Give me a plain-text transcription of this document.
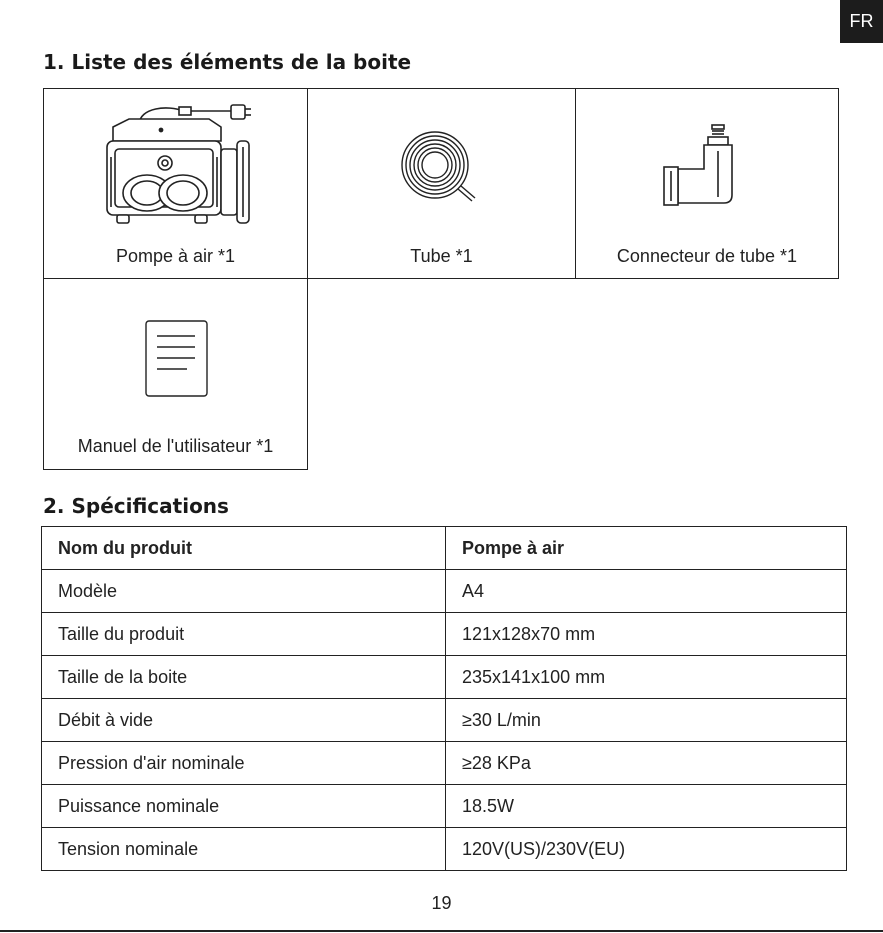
FR
1. Liste des éléments de la boite
Pompe à air *1	Tube *1	Connecteur de tube *1
Manuel de l'utilisateur *1
2. Spécifications
Nom du produit	Pompe à air
Modèle	A4
Taille du produit	121x128x70 mm
Taille de la boite	235x141x100 mm
Débit à vide	≥30 L/min
Pression d'air nominale	≥28 KPa
Puissance nominale	18.5W
Tension nominale	120V(US)/230V(EU)
19
